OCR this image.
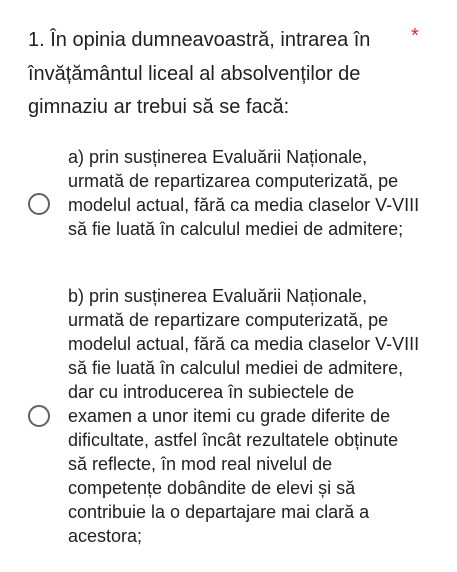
1. În opinia dumneavoastră, intrarea în învățământul liceal al absolvenților de gimnaziu ar trebui să se facă:
*
a) prin susținerea Evaluării Naționale, urmată de repartizarea computerizată, pe modelul actual, fără ca media claselor V-VIII să fie luată în calculul mediei de admitere;
b) prin susținerea Evaluării Naționale, urmată de repartizare computerizată, pe modelul actual, fără ca media claselor V-VIII să fie luată în calculul mediei de admitere, dar cu introducerea în subiectele de examen a unor itemi cu grade diferite de dificultate, astfel încât rezultatele obținute să reflecte, în mod real nivelul de competențe dobândite de elevi și să contribuie la o departajare mai clară a acestora;
